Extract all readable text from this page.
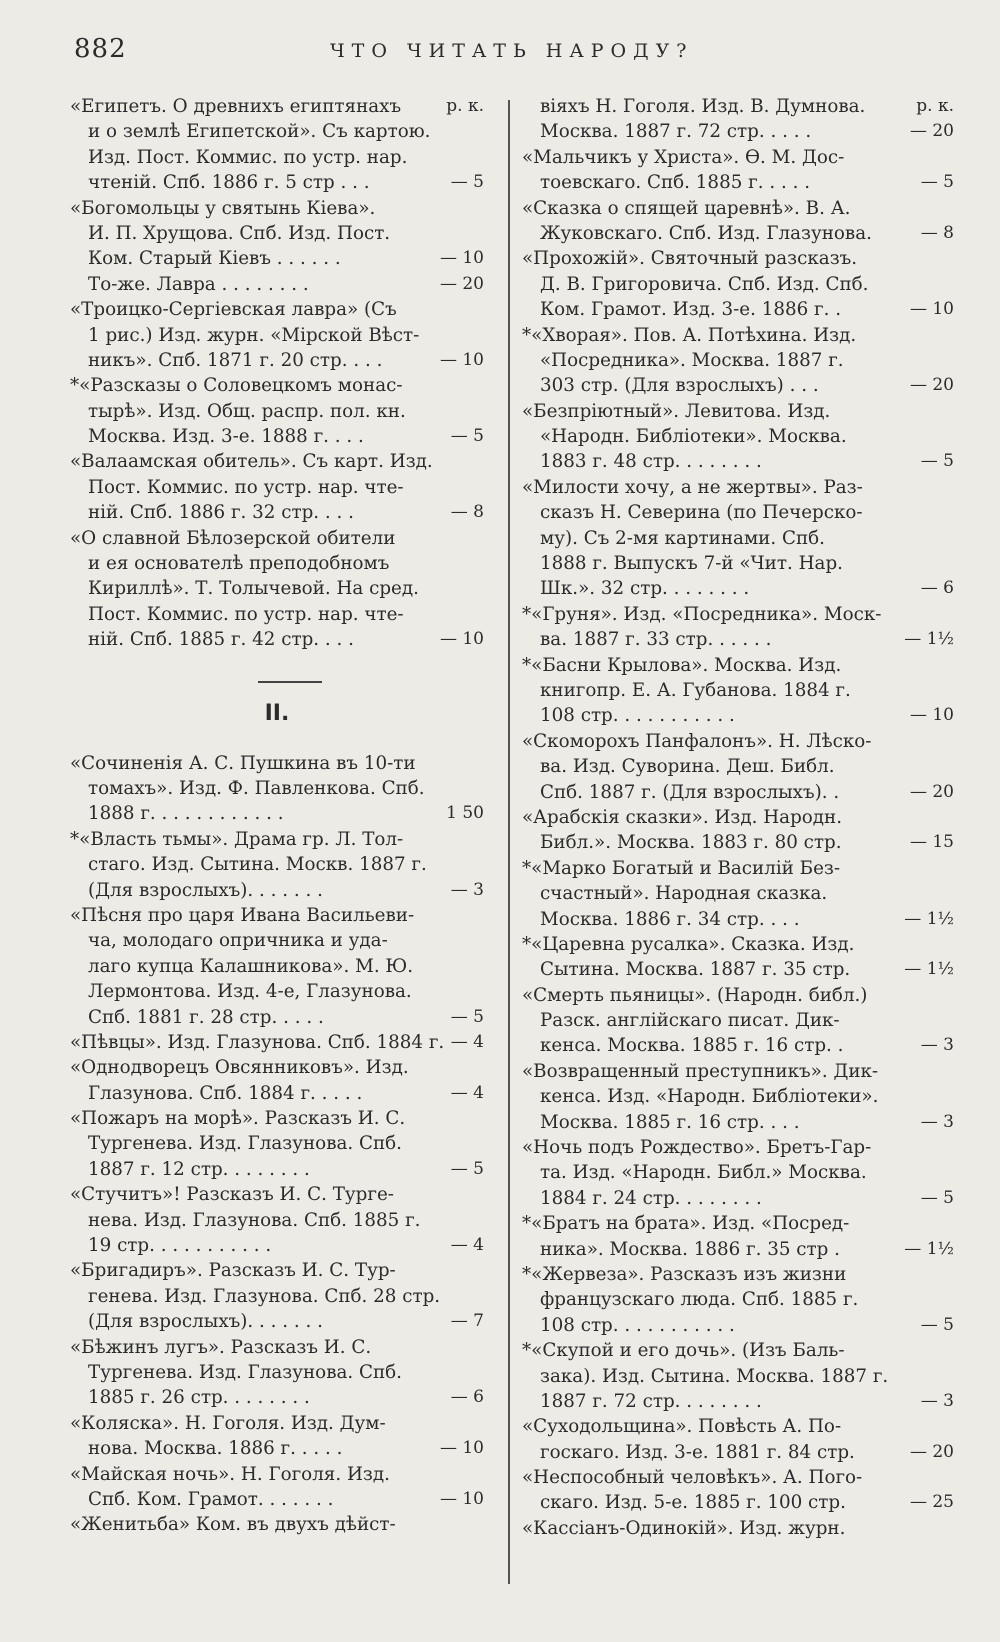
882	ЧТО ЧИТАТЬ НАРОДУ?
«Египетъ. О древнихъ египтянахъ	р. к.
и о землѣ Египетской». Съ картою.
Изд. Пост. Коммис. по устр. нар.
чтеній. Спб. 1886 г. 5 стр . . .	— 5
«Богомольцы у святынь Кіева».
И. П. Хрущова. Спб. Изд. Пост.
Ком. Старый Кіевъ . . . . . .	— 10
То-же. Лавра . . . . . . . .	— 20
«Троицко-Сергіевская лавра» (Съ
1 рис.) Изд. журн. «Мірской Вѣст-
никъ». Спб. 1871 г. 20 стр. . . .	— 10
*«Разсказы о Соловецкомъ монас-
тырѣ». Изд. Общ. распр. пол. кн.
Москва. Изд. 3-е. 1888 г. . . .	— 5
«Валаамская обитель». Съ карт. Изд.
Пост. Коммис. по устр. нар. чте-
ній. Спб. 1886 г. 32 стр. . . .	— 8
«О славной Бѣлозерской обители
и ея основателѣ преподобномъ
Кириллѣ». Т. Толычевой. На сред.
Пост. Коммис. по устр. нар. чте-
ній. Спб. 1885 г. 42 стр. . . .	— 10
II.
«Сочиненія А. С. Пушкина въ 10-ти
томахъ». Изд. Ф. Павленкова. Спб.
1888 г. . . . . . . . . . . .	1 50
*«Власть тьмы». Драма гр. Л. Тол-
стаго. Изд. Сытина. Москв. 1887 г.
(Для взрослыхъ). . . . . . .	— 3
«Пѣсня про царя Ивана Васильеви-
ча, молодаго опричника и уда-
лаго купца Калашникова». М. Ю.
Лермонтова. Изд. 4-е, Глазунова.
Спб. 1881 г. 28 стр. . . . .	— 5
«Пѣвцы». Изд. Глазунова. Спб. 1884 г. — 4
«Однодворецъ Овсянниковъ». Изд.
Глазунова. Спб. 1884 г. . . . .	— 4
«Пожаръ на морѣ». Разсказъ И. С.
Тургенева. Изд. Глазунова. Спб.
1887 г. 12 стр. . . . . . . .	— 5
«Стучитъ»! Разсказъ И. С. Турге-
нева. Изд. Глазунова. Спб. 1885 г.
19 стр. . . . . . . . . . .	— 4
«Бригадиръ». Разсказъ И. С. Тур-
генева. Изд. Глазунова. Спб. 28 стр.
(Для взрослыхъ). . . . . . .	— 7
«Бѣжинъ лугъ». Разсказъ И. С.
Тургенева. Изд. Глазунова. Спб.
1885 г. 26 стр. . . . . . . .	— 6
«Коляска». Н. Гоголя. Изд. Дум-
нова. Москва. 1886 г. . . . .	— 10
«Майская ночь». Н. Гоголя. Изд.
Спб. Ком. Грамот. . . . . . .	— 10
«Женитьба» Ком. въ двухъ дѣйст-
віяхъ Н. Гоголя. Изд. В. Думнова.	р. к.
Москва. 1887 г. 72 стр. . . . .	— 20
«Мальчикъ у Христа». Ѳ. М. Дос-
тоевскаго. Спб. 1885 г. . . . .	— 5
«Сказка о спящей царевнѣ». В. А.
Жуковскаго. Спб. Изд. Глазунова.	— 8
«Прохожій». Святочный разсказъ.
Д. В. Григоровича. Спб. Изд. Спб.
Ком. Грамот. Изд. 3-е. 1886 г. .	— 10
*«Хворая». Пов. А. Потѣхина. Изд.
«Посредника». Москва. 1887 г.
303 стр. (Для взрослыхъ) . . .	— 20
«Безпріютный». Левитова. Изд.
«Народн. Библіотеки». Москва.
1883 г. 48 стр. . . . . . . .	— 5
«Милости хочу, а не жертвы». Раз-
сказъ Н. Северина (по Печерско-
му). Съ 2-мя картинами. Спб.
1888 г. Выпускъ 7-й «Чит. Нар.
Шк.». 32 стр. . . . . . . .	— 6
*«Груня». Изд. «Посредника». Моск-
ва. 1887 г. 33 стр. . . . . .	— 1½
*«Басни Крылова». Москва. Изд.
книгопр. Е. А. Губанова. 1884 г.
108 стр. . . . . . . . . . .	— 10
«Скоморохъ Панфалонъ». Н. Лѣско-
ва. Изд. Суворина. Деш. Библ.
Спб. 1887 г. (Для взрослыхъ). .	— 20
«Арабскія сказки». Изд. Народн.
Библ.». Москва. 1883 г. 80 стр.	— 15
*«Марко Богатый и Василій Без-
счастный». Народная сказка.
Москва. 1886 г. 34 стр. . . .	— 1½
*«Царевна русалка». Сказка. Изд.
Сытина. Москва. 1887 г. 35 стр.	— 1½
«Смерть пьяницы». (Народн. библ.)
Разск. англійскаго писат. Дик-
кенса. Москва. 1885 г. 16 стр. .	— 3
«Возвращенный преступникъ». Дик-
кенса. Изд. «Народн. Библіотеки».
Москва. 1885 г. 16 стр. . . .	— 3
«Ночь подъ Рождество». Бретъ-Гар-
та. Изд. «Народн. Библ.» Москва.
1884 г. 24 стр. . . . . . . .	— 5
*«Братъ на брата». Изд. «Посред-
ника». Москва. 1886 г. 35 стр .	— 1½
*«Жервеза». Разсказъ изъ жизни
французскаго люда. Спб. 1885 г.
108 стр. . . . . . . . . . .	— 5
*«Скупой и его дочь». (Изъ Баль-
зака). Изд. Сытина. Москва. 1887 г.
1887 г. 72 стр. . . . . . . .	— 3
«Суходольщина». Повѣсть А. По-
госкаго. Изд. 3-е. 1881 г. 84 стр.	— 20
«Неспособный человѣкъ». А. Пого-
скаго. Изд. 5-е. 1885 г. 100 стр.	— 25
«Кассіанъ-Одинокій». Изд. журн.
